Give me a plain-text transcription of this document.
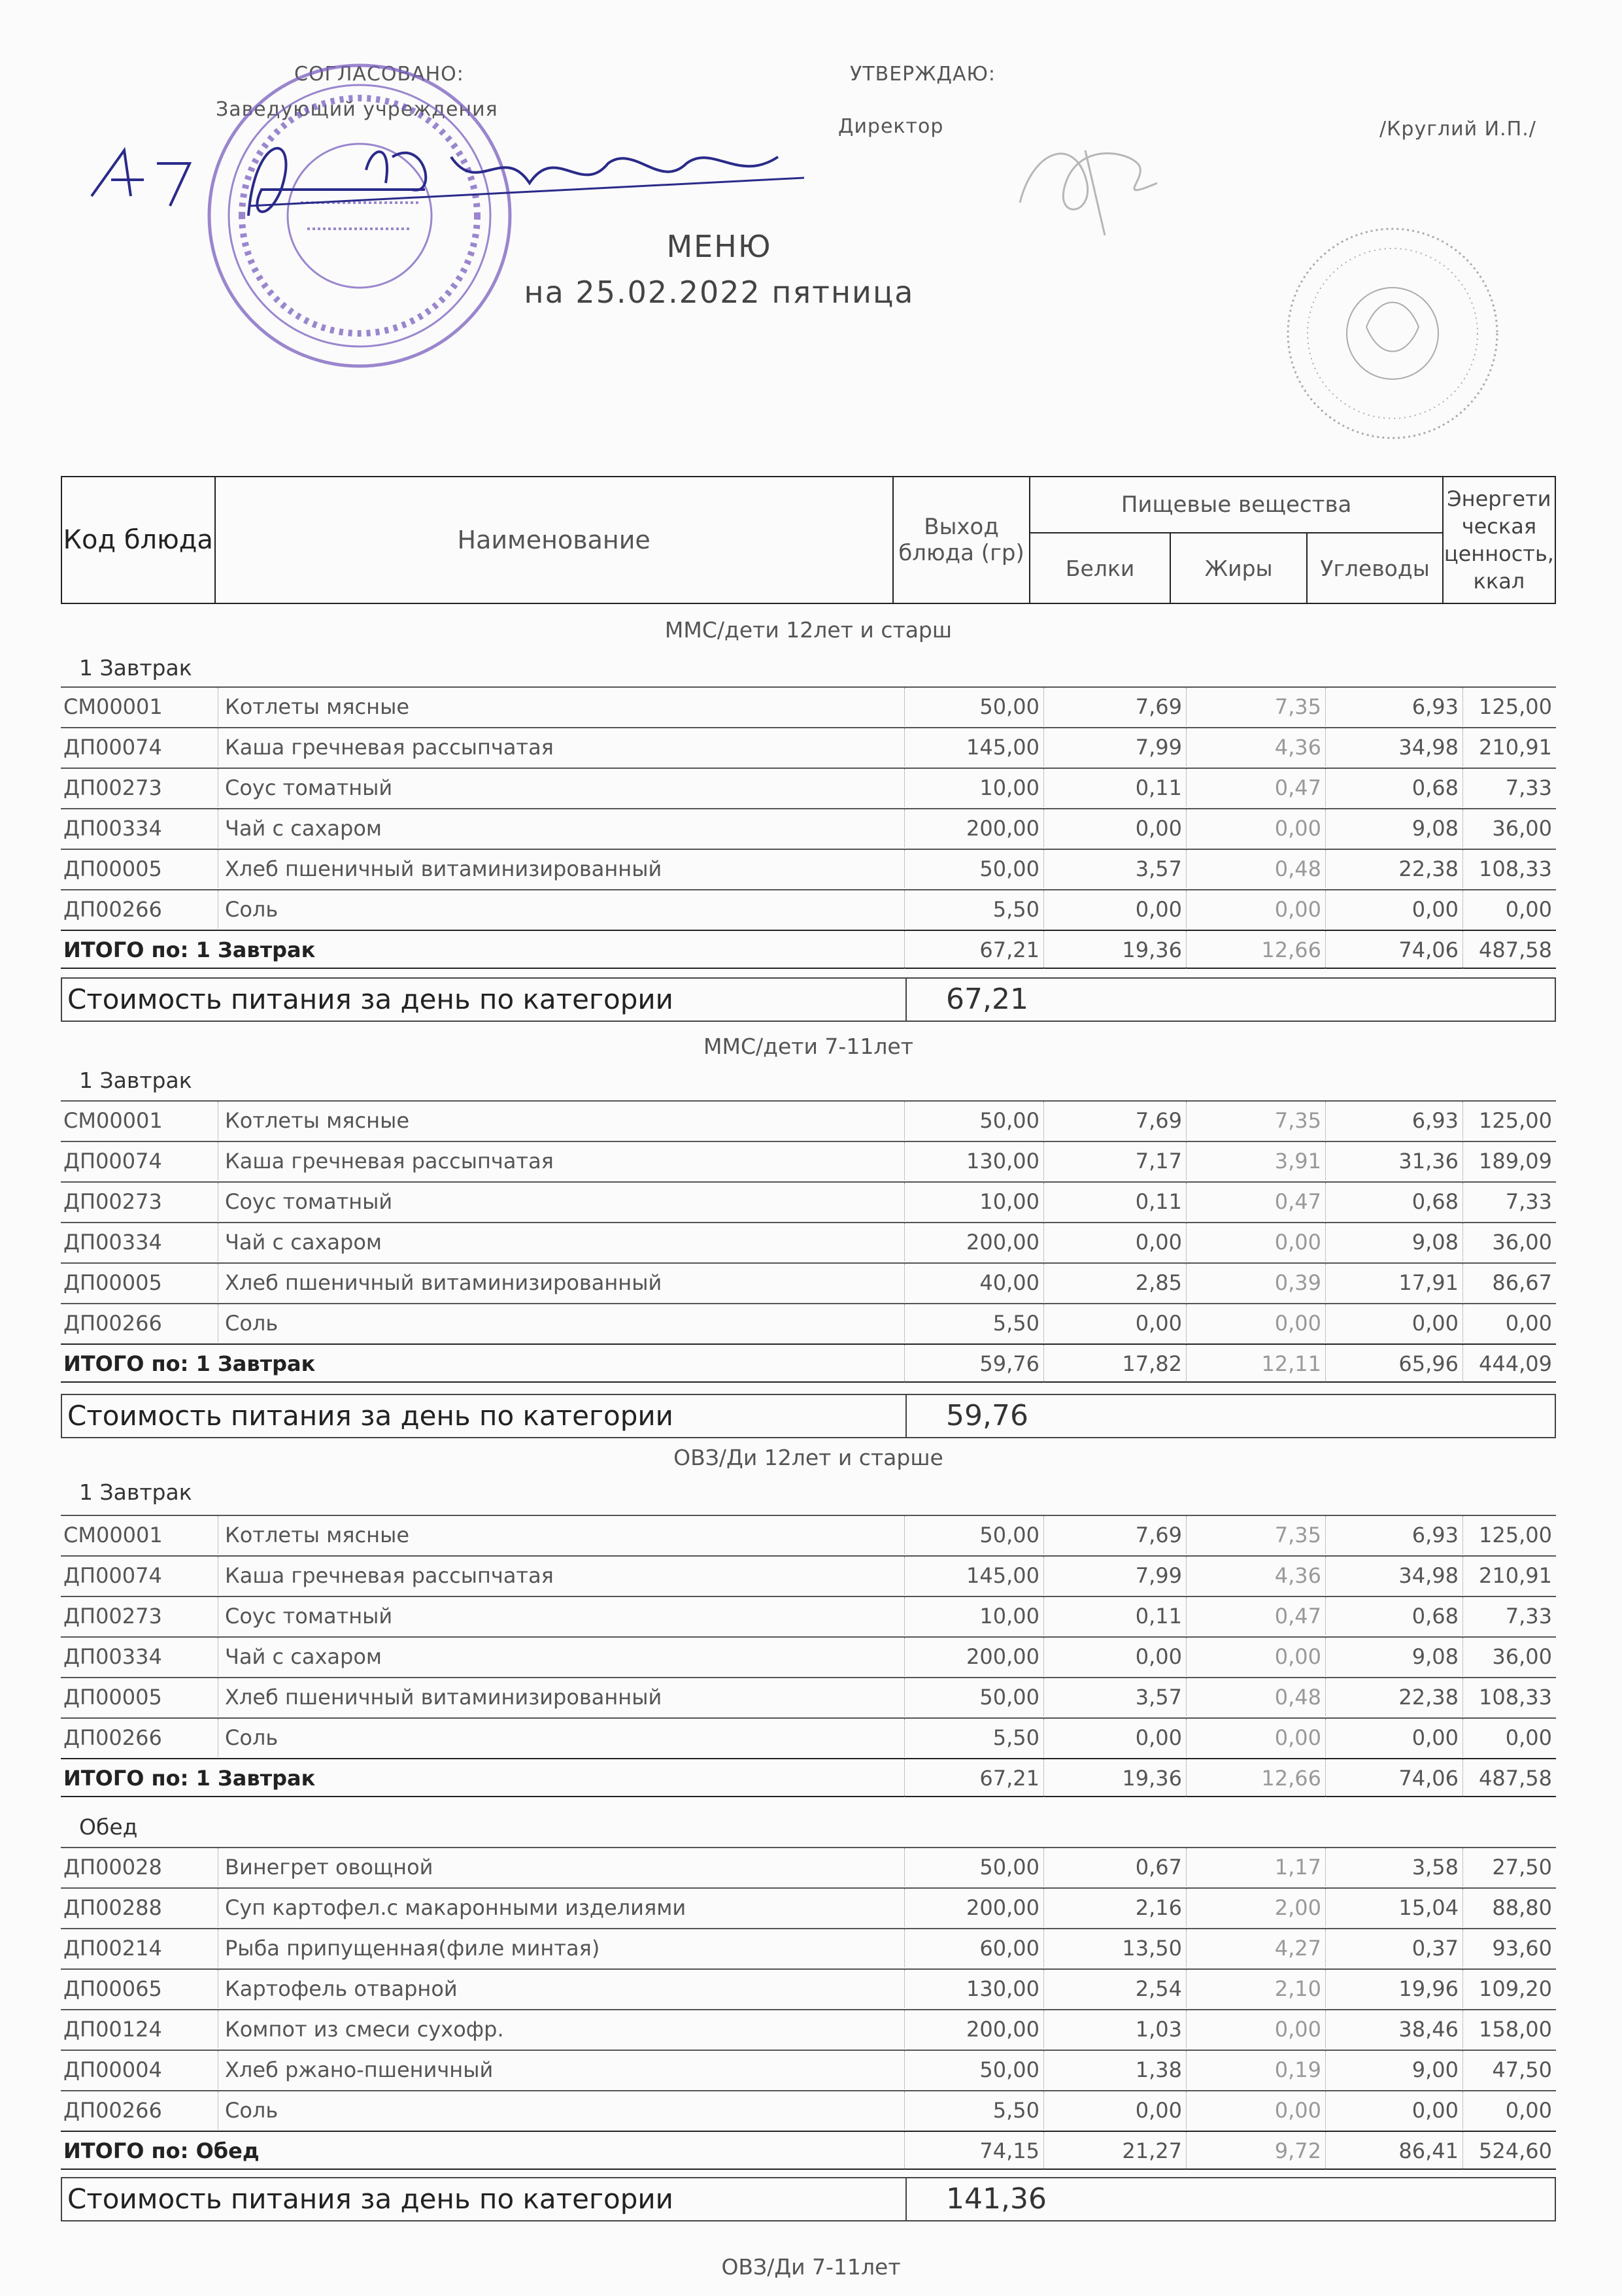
СОГЛАСОВАНО:
Заведующий учреждения
УТВЕРЖДАЮ:
Директор	/Круглий И.П./
МЕНЮ
на 25.02.2022 пятница
Код блюда	Наименование	Выход блюда (гр)	Пищевые вещества			Энергети ческая ценность, ккал
			Белки	Жиры	Углеводы	
ММС/дети 12лет и старш
1 Завтрак
Стоимость питания за день по категории	67,21
СМ00001	Котлеты мясные	50,00	7,69	7,35	6,93 125,00
ДП00074	Каша гречневая рассыпчатая	145,00	7,99	4,36	34,98 210,91
ДП00273	Соус томатный	10,00	0,11	0,47	0,68	7,33
ДП00334	Чай с сахаром	200,00	0,00	0,00	9,08	36,00
ДП00005	Хлеб пшеничный витаминизированный	50,00	3,57	0,48	22,38 108,33
ДП00266	Соль	5,50	0,00	0,00	0,00	0,00
ИТОГО по: 1 Завтрак	67,21	19,36	12,66	74,06 487,58
ММС/дети 7-11лет
1 Завтрак
Стоимость питания за день по категории	59,76
СМ00001	Котлеты мясные	50,00	7,69	7,35	6,93 125,00
ДП00074	Каша гречневая рассыпчатая	130,00	7,17	3,91	31,36 189,09
ДП00273	Соус томатный	10,00	0,11	0,47	0,68	7,33
ДП00334	Чай с сахаром	200,00	0,00	0,00	9,08	36,00
ДП00005	Хлеб пшеничный витаминизированный	40,00	2,85	0,39	17,91	86,67
ДП00266	Соль	5,50	0,00	0,00	0,00	0,00
ИТОГО по: 1 Завтрак	59,76	17,82	12,11	65,96 444,09
ОВЗ/Ди 12лет и старше
1 Завтрак
Обед
Стоимость питания за день по категории	141,36
СМ00001	Котлеты мясные	50,00	7,69	7,35	6,93 125,00
ДП00074	Каша гречневая рассыпчатая	145,00	7,99	4,36	34,98 210,91
ДП00273	Соус томатный	10,00	0,11	0,47	0,68	7,33
ДП00334	Чай с сахаром	200,00	0,00	0,00	9,08	36,00
ДП00005	Хлеб пшеничный витаминизированный	50,00	3,57	0,48	22,38 108,33
ДП00266	Соль	5,50	0,00	0,00	0,00	0,00
ИТОГО по: 1 Завтрак	67,21	19,36	12,66	74,06 487,58
ДП00028	Винегрет овощной	50,00	0,67	1,17	3,58	27,50
ДП00288	Суп картофел.с макаронными изделиями	200,00	2,16	2,00	15,04	88,80
ДП00214	Рыба припущенная(филе минтая)	60,00	13,50	4,27	0,37	93,60
ДП00065	Картофель отварной	130,00	2,54	2,10	19,96 109,20
ДП00124	Компот из смеси сухофр.	200,00	1,03	0,00	38,46 158,00
ДП00004	Хлеб ржано-пшеничный	50,00	1,38	0,19	9,00	47,50
ДП00266	Соль	5,50	0,00	0,00	0,00	0,00
ИТОГО по: Обед	74,15	21,27	9,72	86,41 524,60
ОВЗ/Ди 7-11лет
